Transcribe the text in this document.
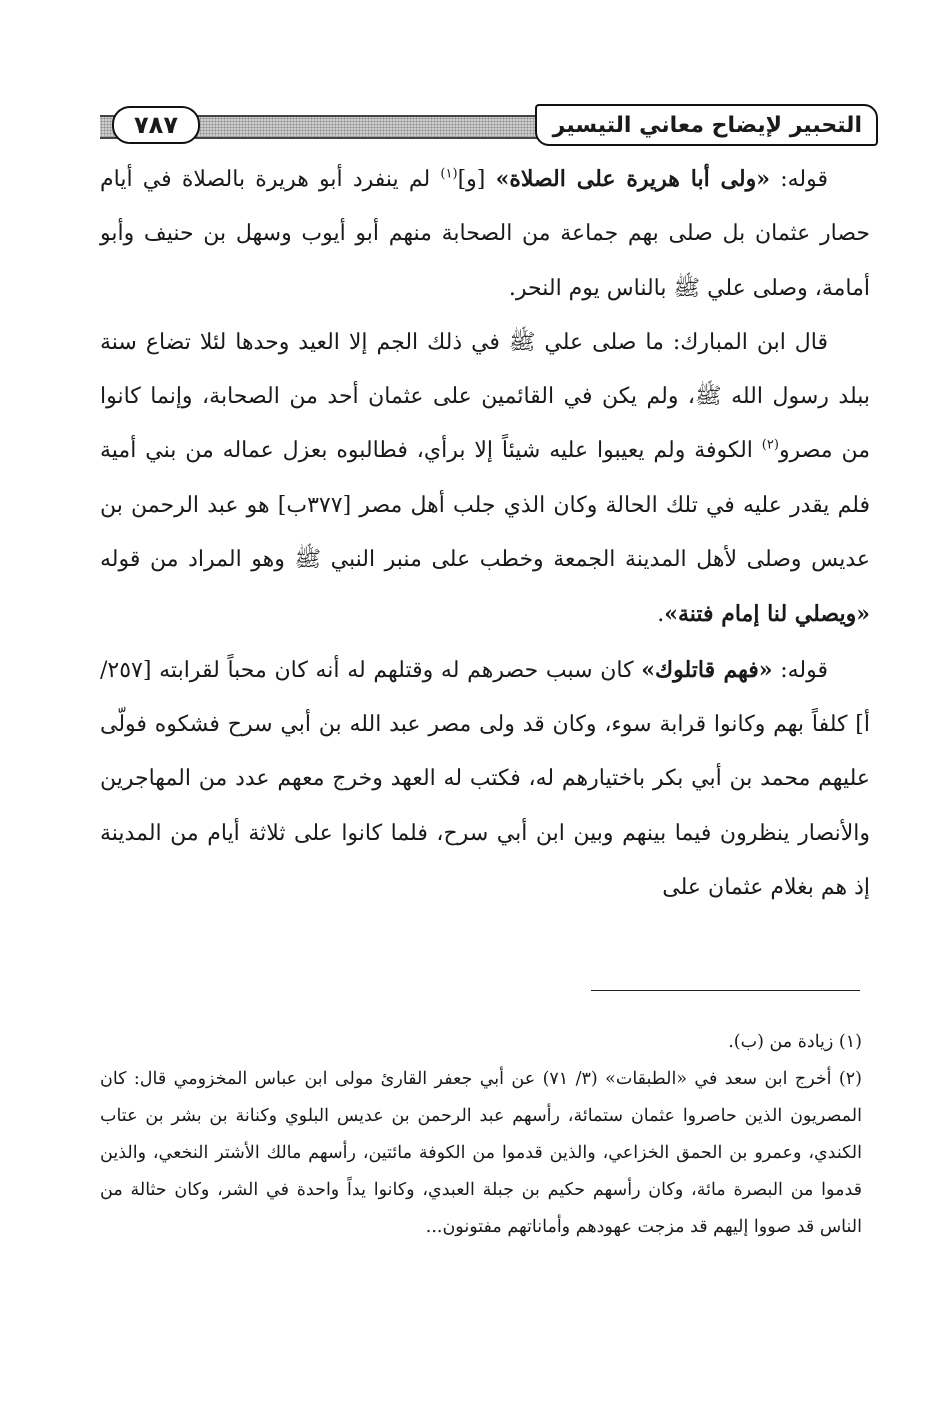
٧٨٧	التحبير لإيضاح معاني التيسير

قوله: «ولى أبا هريرة على الصلاة» [و]$^{(١)}$ لم ينفرد أبو هريرة بالصلاة في أيام حصار عثمان بل صلى بهم جماعة من الصحابة منهم أبو أيوب وسهل بن حنيف وأبو أمامة، وصلى علي ﷺ بالناس يوم النحر.

قال ابن المبارك: ما صلى علي ﷺ في ذلك الجم إلا العيد وحدها لئلا تضاع سنة ببلد رسول الله ﷺ، ولم يكن في القائمين على عثمان أحد من الصحابة، وإنما كانوا من مصرو$^{(٢)}$ الكوفة ولم يعيبوا عليه شيئاً إلا برأي، فطالبوه بعزل عماله من بني أمية فلم يقدر عليه في تلك الحالة وكان الذي جلب أهل مصر [٣٧٧ب] هو عبد الرحمن بن عديس وصلى لأهل المدينة الجمعة وخطب على منبر النبي ﷺ وهو المراد من قوله «ويصلي لنا إمام فتنة».

قوله: «فهم قاتلوك» كان سبب حصرهم له وقتلهم له أنه كان محباً لقرابته [٢٥٧/أ] كلفاً بهم وكانوا قرابة سوء، وكان قد ولى مصر عبد الله بن أبي سرح فشكوه فولّى عليهم محمد بن أبي بكر باختيارهم له، فكتب له العهد وخرج معهم عدد من المهاجرين والأنصار ينظرون فيما بينهم وبين ابن أبي سرح، فلما كانوا على ثلاثة أيام من المدينة إذ هم بغلام عثمان على

(١) زيادة من (ب).

(٢) أخرج ابن سعد في «الطبقات» (٣/ ٧١) عن أبي جعفر القارئ مولى ابن عباس المخزومي قال: كان المصريون الذين حاصروا عثمان ستمائة، رأسهم عبد الرحمن بن عديس البلوي وكنانة بن بشر بن عتاب الكندي، وعمرو بن الحمق الخزاعي، والذين قدموا من الكوفة مائتين، رأسهم مالك الأشتر النخعي، والذين قدموا من البصرة مائة، وكان رأسهم حكيم بن جبلة العبدي، وكانوا يداً واحدة في الشر، وكان حثالة من الناس قد صووا إليهم قد مزجت عهودهم وأماناتهم مفتونون...
